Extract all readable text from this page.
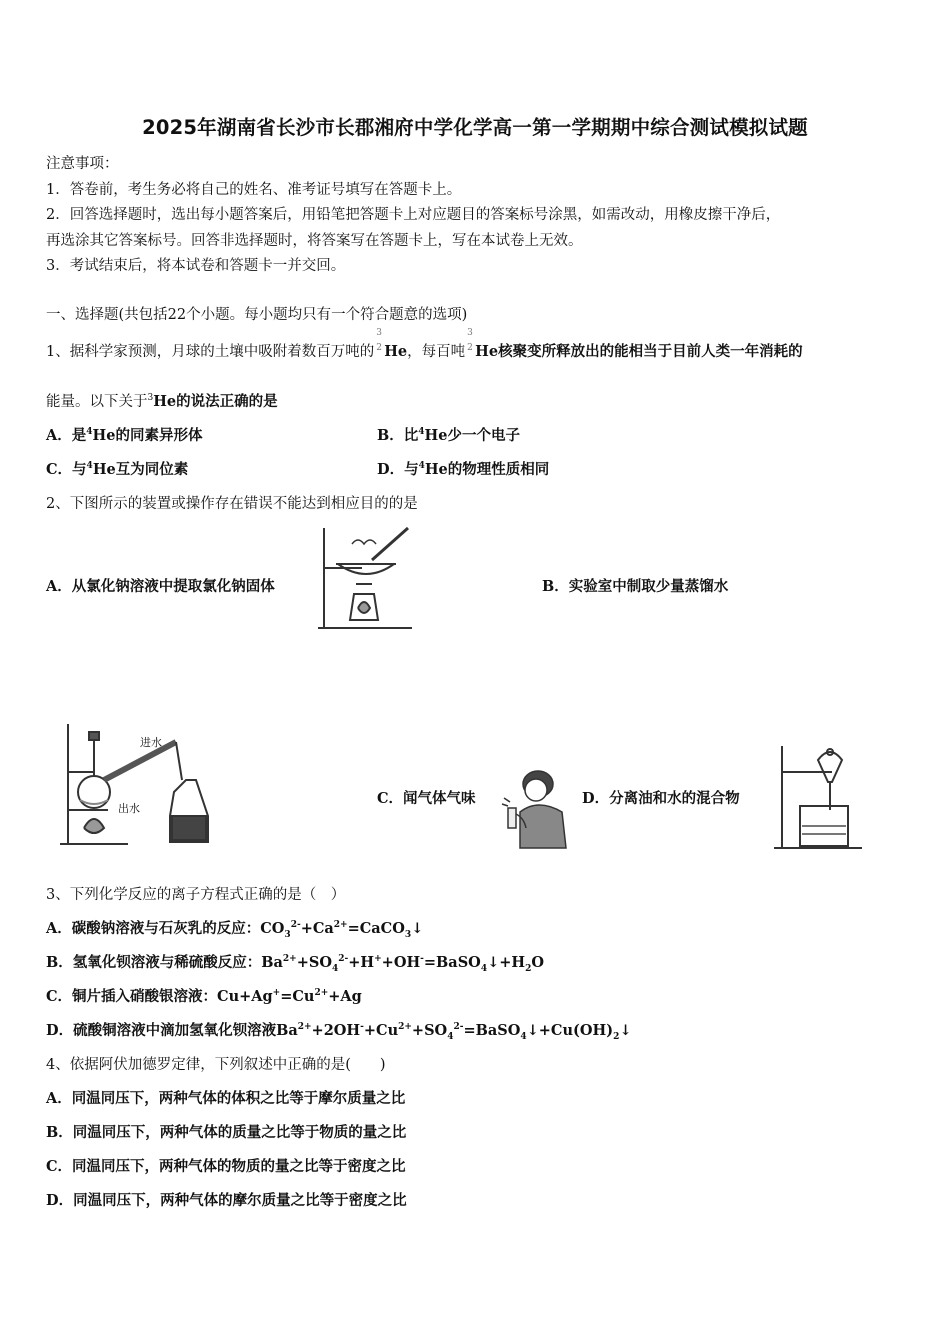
2025年湖南省长沙市长郡湘府中学化学高一第一学期期中综合测试模拟试题
注意事项：
1．答卷前，考生务必将自己的姓名、准考证号填写在答题卡上。
2．回答选择题时，选出每小题答案后，用铅笔把答题卡上对应题目的答案标号涂黑，如需改动，用橡皮擦干净后，
再选涂其它答案标号。回答非选择题时，将答案写在答题卡上，写在本试卷上无效。
3．考试结束后，将本试卷和答题卡一并交回。
一、选择题(共包括22个小题。每小题均只有一个符合题意的选项)
1、据科学家预测，月球的土壤中吸附着数百万吨的
3
2 He，每百吨
3
2 He核聚变所释放出的能相当于目前人类一年消耗的
能量。以下关于$^3$He的说法正确的是
A．是$^4$He的同素异形体	B．比$^4$He少一个电子
C．与$^4$He互为同位素	D．与$^4$He的物理性质相同
2、下图所示的装置或操作存在错误不能达到相应目的的是
A．从氯化钠溶液中提取氯化钠固体	B．实验室中制取少量蒸馏水
进水
出水
C．闻气体气味	D．分离油和水的混合物
3、下列化学反应的离子方程式正确的是（　）
A．碳酸钠溶液与石灰乳的反应：$CO_3^{2-}+Ca^{2+}=CaCO_3↓$
B．氢氧化钡溶液与稀硫酸反应：$Ba^{2+}+SO_4^{2-}+H^++OH^-=BaSO_4↓+H_2O$
C．铜片插入硝酸银溶液：$Cu+Ag^+=Cu^{2+}+Ag$
D．硫酸铜溶液中滴加氢氧化钡溶液$Ba^{2+}+2OH^-+Cu^{2+}+SO_4^{2-}=BaSO_4↓+Cu(OH)_2↓$
4、依据阿伏加德罗定律，下列叙述中正确的是(　　)
A．同温同压下，两种气体的体积之比等于摩尔质量之比
B．同温同压下，两种气体的质量之比等于物质的量之比
C．同温同压下，两种气体的物质的量之比等于密度之比
D．同温同压下，两种气体的摩尔质量之比等于密度之比
